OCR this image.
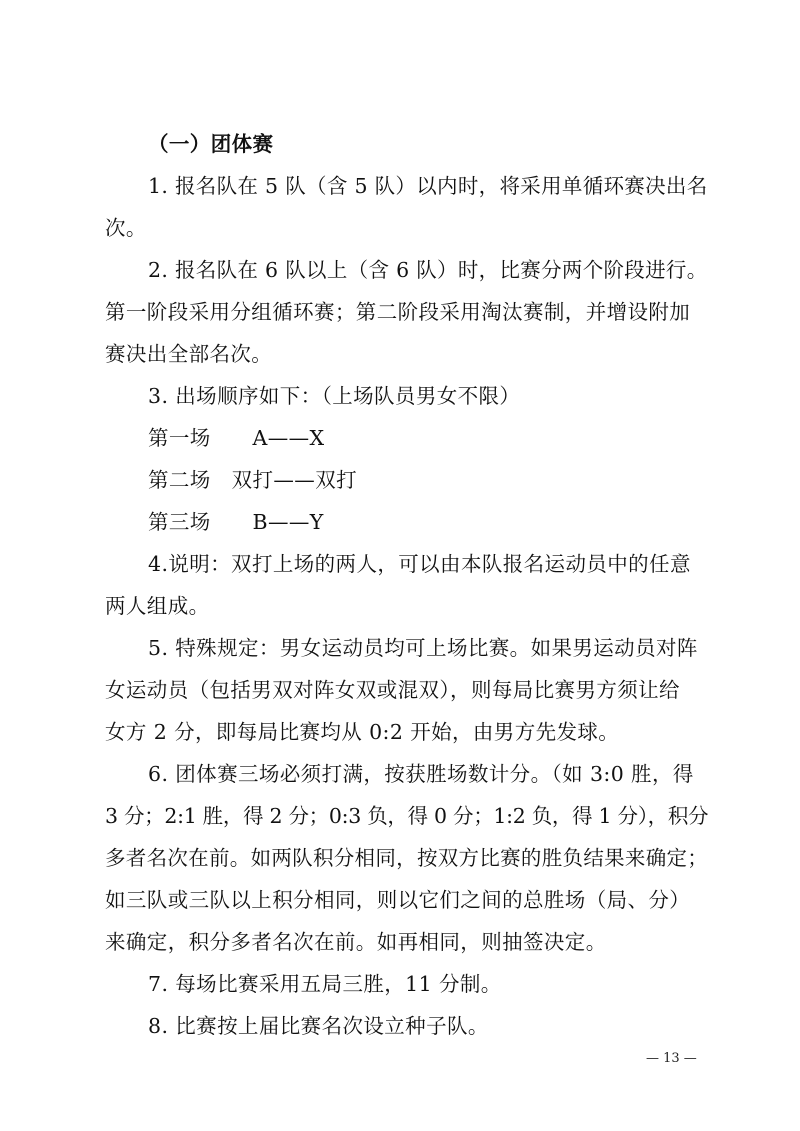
（一）团体赛
1. 报名队在 5 队（含 5 队）以内时，将采用单循环赛决出名
次。
2. 报名队在 6 队以上（含 6 队）时，比赛分两个阶段进行。
第一阶段采用分组循环赛；第二阶段采用淘汰赛制，并增设附加
赛决出全部名次。
3. 出场顺序如下：（上场队员男女不限）
第一场　　A——X
第二场　双打——双打
第三场　　B——Y
4.说明：双打上场的两人，可以由本队报名运动员中的任意
两人组成。
5. 特殊规定：男女运动员均可上场比赛。如果男运动员对阵
女运动员（包括男双对阵女双或混双），则每局比赛男方须让给
女方 2 分，即每局比赛均从 0:2 开始，由男方先发球。
6. 团体赛三场必须打满，按获胜场数计分。（如 3:0 胜，得
3 分；2:1 胜，得 2 分；0:3 负，得 0 分；1:2 负，得 1 分），积分
多者名次在前。如两队积分相同，按双方比赛的胜负结果来确定；
如三队或三队以上积分相同，则以它们之间的总胜场（局、分）
来确定，积分多者名次在前。如再相同，则抽签决定。
7. 每场比赛采用五局三胜，11 分制。
8. 比赛按上届比赛名次设立种子队。
— 13 —
